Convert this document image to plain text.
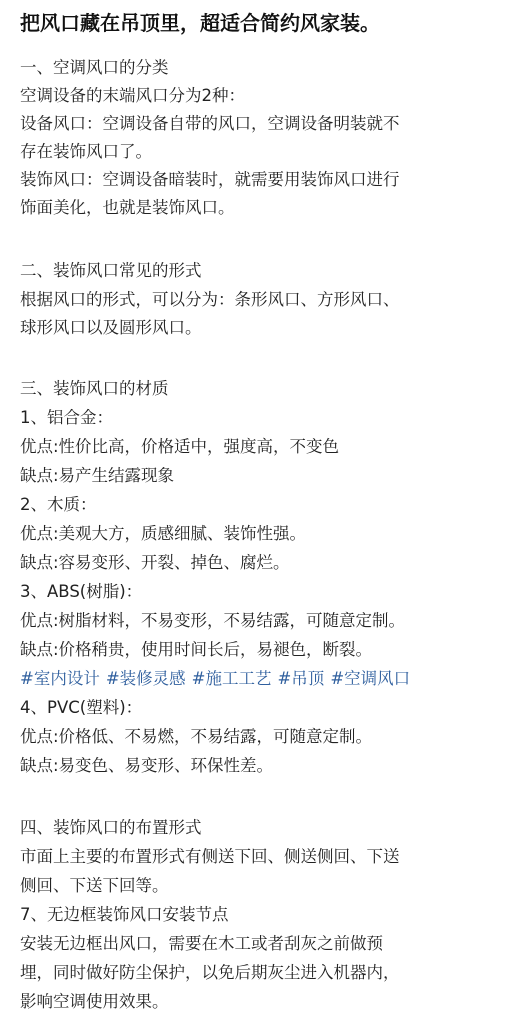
把风口藏在吊顶里，超适合简约风家装。
一、空调风口的分类
空调设备的末端风口分为2种：
设备风口：空调设备自带的风口，空调设备明装就不
存在装饰风口了。
装饰风口：空调设备暗装时，就需要用装饰风口进行
饰面美化，也就是装饰风口。
二、装饰风口常见的形式
根据风口的形式，可以分为：条形风口、方形风口、
球形风口以及圆形风口。
三、装饰风口的材质
1、铝合金：
优点:性价比高，价格适中，强度高，不变色
缺点:易产生结露现象
2、木质：
优点:美观大方，质感细腻、装饰性强。
缺点:容易变形、开裂、掉色、腐烂。
3、ABS(树脂)：
优点:树脂材料，不易变形，不易结露，可随意定制。
缺点:价格稍贵，使用时间长后，易褪色，断裂。
#室内设计 #装修灵感 #施工工艺 #吊顶 #空调风口
4、PVC(塑料)：
优点:价格低、不易燃，不易结露，可随意定制。
缺点:易变色、易变形、环保性差。
四、装饰风口的布置形式
市面上主要的布置形式有侧送下回、侧送侧回、下送
侧回、下送下回等。
7、无边框装饰风口安装节点
安装无边框出风口，需要在木工或者刮灰之前做预
埋，同时做好防尘保护，以免后期灰尘进入机器内，
影响空调使用效果。
